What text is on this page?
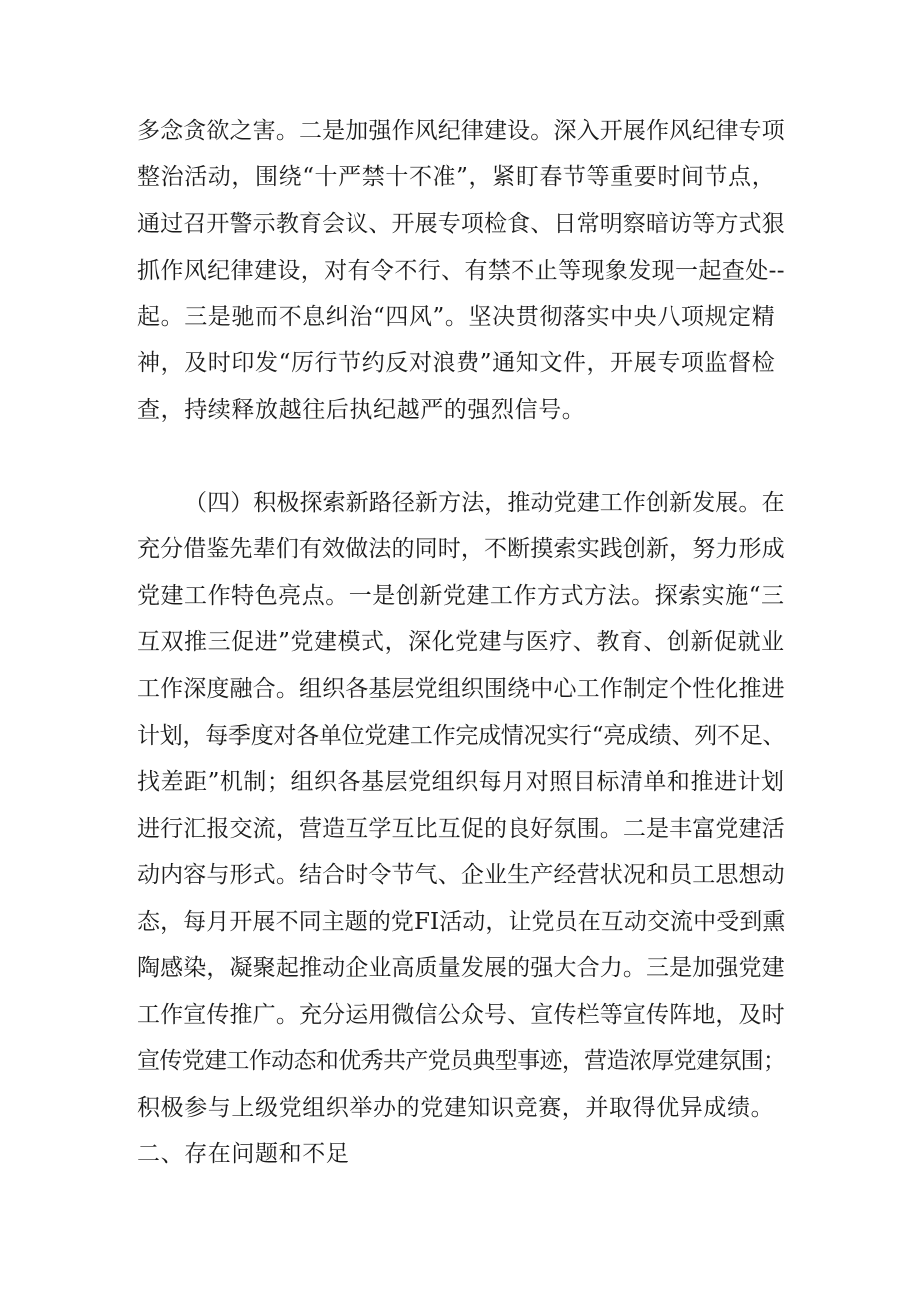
多念贪欲之害。二是加强作风纪律建设。深入开展作风纪律专项
整治活动，围绕“十严禁十不准”，紧盯春节等重要时间节点，
通过召开警示教育会议、开展专项检食、日常明察暗访等方式狠
抓作风纪律建设，对有令不行、有禁不止等现象发现一起查处--
起。三是驰而不息纠治“四风”。坚决贯彻落实中央八项规定精
神，及时印发“厉行节约反对浪费”通知文件，开展专项监督检
查，持续释放越往后执纪越严的强烈信号。
（四）积极探索新路径新方法，推动党建工作创新发展。在
充分借鉴先辈们有效做法的同时，不断摸索实践创新，努力形成
党建工作特色亮点。一是创新党建工作方式方法。探索实施“三
互双推三促进”党建模式，深化党建与医疗、教育、创新促就业
工作深度融合。组织各基层党组织围绕中心工作制定个性化推进
计划，每季度对各单位党建工作完成情况实行“亮成绩、列不足、
找差距”机制；组织各基层党组织每月对照目标清单和推进计划
进行汇报交流，营造互学互比互促的良好氛围。二是丰富党建活
动内容与形式。结合时令节气、企业生产经营状况和员工思想动
态，每月开展不同主题的党FI活动，让党员在互动交流中受到熏
陶感染，凝聚起推动企业高质量发展的强大合力。三是加强党建
工作宣传推广。充分运用微信公众号、宣传栏等宣传阵地，及时
宣传党建工作动态和优秀共产党员典型事迹，营造浓厚党建氛围；
积极参与上级党组织举办的党建知识竞赛，并取得优异成绩。
二、存在问题和不足
